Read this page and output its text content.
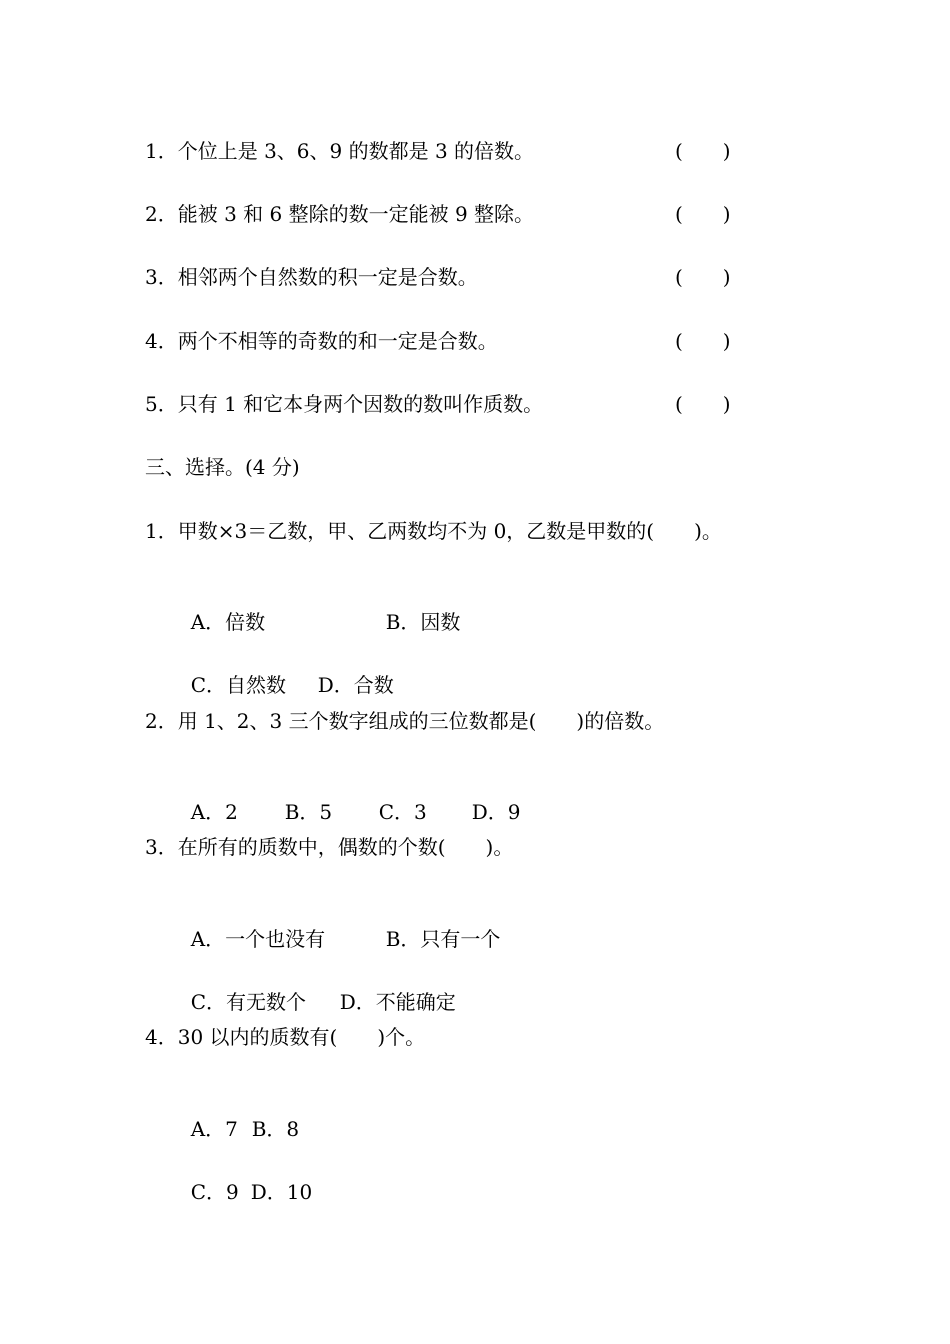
1．个位上是 3、6、9 的数都是 3 的倍数。	(　　)
2．能被 3 和 6 整除的数一定能被 9 整除。	(　　)
3．相邻两个自然数的积一定是合数。	(　　)
4．两个不相等的奇数的和一定是合数。	(　　)
5．只有 1 和它本身两个因数的数叫作质数。	(　　)
三、选择。(4 分)
1．甲数×3＝乙数，甲、乙两数均不为 0，乙数是甲数的(　　)。

A．倍数	B．因数

C．自然数 D．合数

2．用 1、2、3 三个数字组成的三位数都是(　　)的倍数。

A．2 B．5 C．3 D．9

3．在所有的质数中，偶数的个数(　　)。

A．一个也没有	B．只有一个

C．有无数个 D．不能确定

4．30 以内的质数有(　　)个。

A．7 B．8

C．9 D．10
